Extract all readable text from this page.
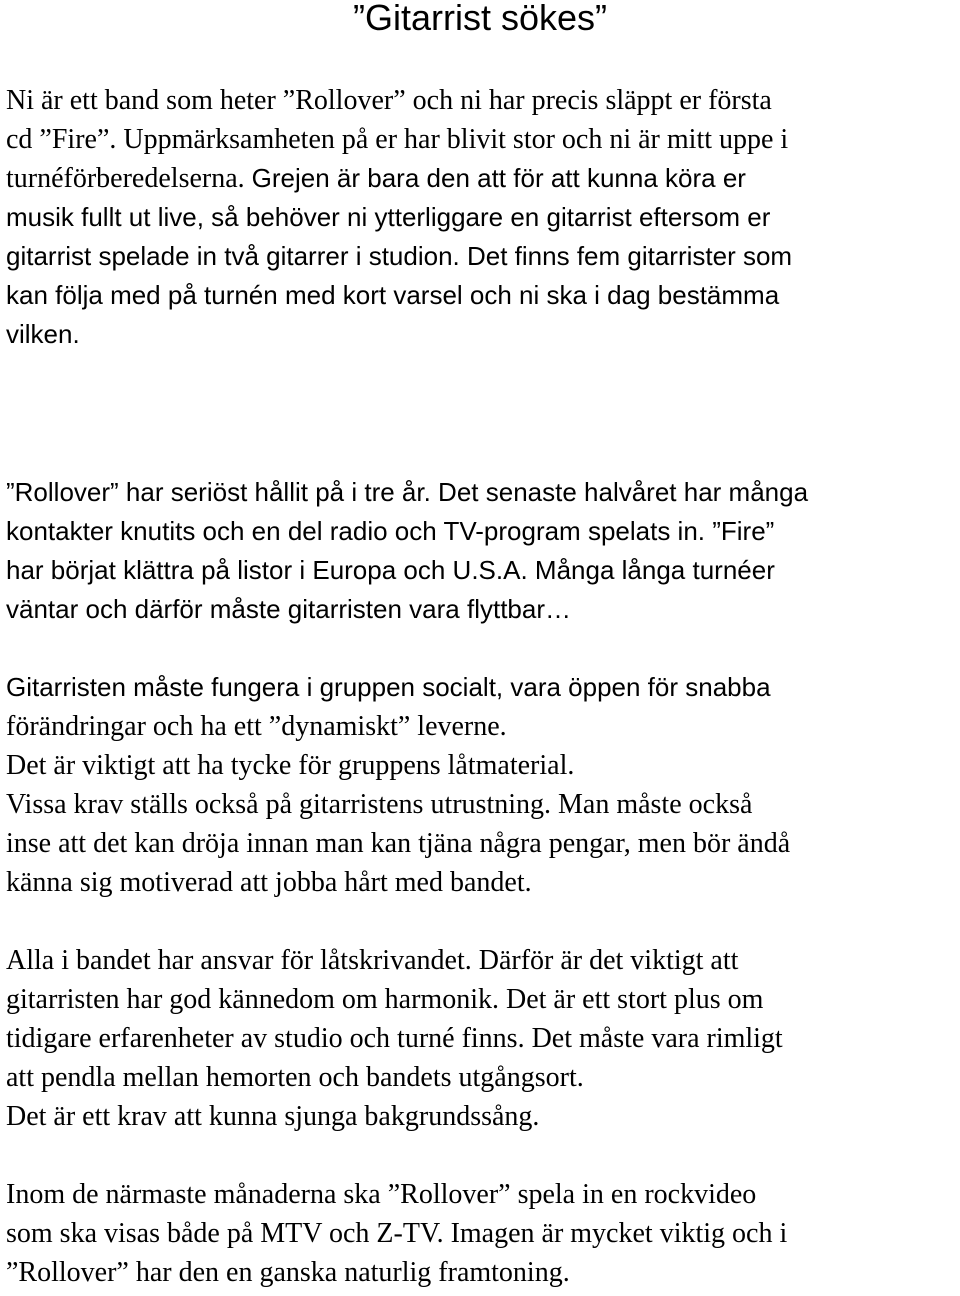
”Gitarrist sökes”
Ni är ett band som heter ”Rollover” och ni har precis släppt er första
cd ”Fire”. Uppmärksamheten på er har blivit stor och ni är mitt uppe i
turnéförberedelserna. Grejen är bara den att för att kunna köra er
musik fullt ut live, så behöver ni ytterliggare en gitarrist eftersom er
gitarrist spelade in två gitarrer i studion. Det finns fem gitarrister som
kan följa med på turnén med kort varsel och ni ska i dag bestämma
vilken.
”Rollover” har seriöst hållit på i tre år. Det senaste halvåret har många
kontakter knutits och en del radio och TV-program spelats in. ”Fire”
har börjat klättra på listor i Europa och U.S.A. Många långa turnéer
väntar och därför måste gitarristen vara flyttbar…
Gitarristen måste fungera i gruppen socialt, vara öppen för snabba
förändringar och ha ett ”dynamiskt” leverne.
Det är viktigt att ha tycke för gruppens låtmaterial.
Vissa krav ställs också på gitarristens utrustning. Man måste också
inse att det kan dröja innan man kan tjäna några pengar, men bör ändå
känna sig motiverad att jobba hårt med bandet.
Alla i bandet har ansvar för låtskrivandet. Därför är det viktigt att
gitarristen har god kännedom om harmonik. Det är ett stort plus om
tidigare erfarenheter av studio och turné finns. Det måste vara rimligt
att pendla mellan hemorten och bandets utgångsort.
Det är ett krav att kunna sjunga bakgrundssång.
Inom de närmaste månaderna ska ”Rollover” spela in en rockvideo
som ska visas både på MTV och Z-TV. Imagen är mycket viktig och i
”Rollover” har den en ganska naturlig framtoning.
